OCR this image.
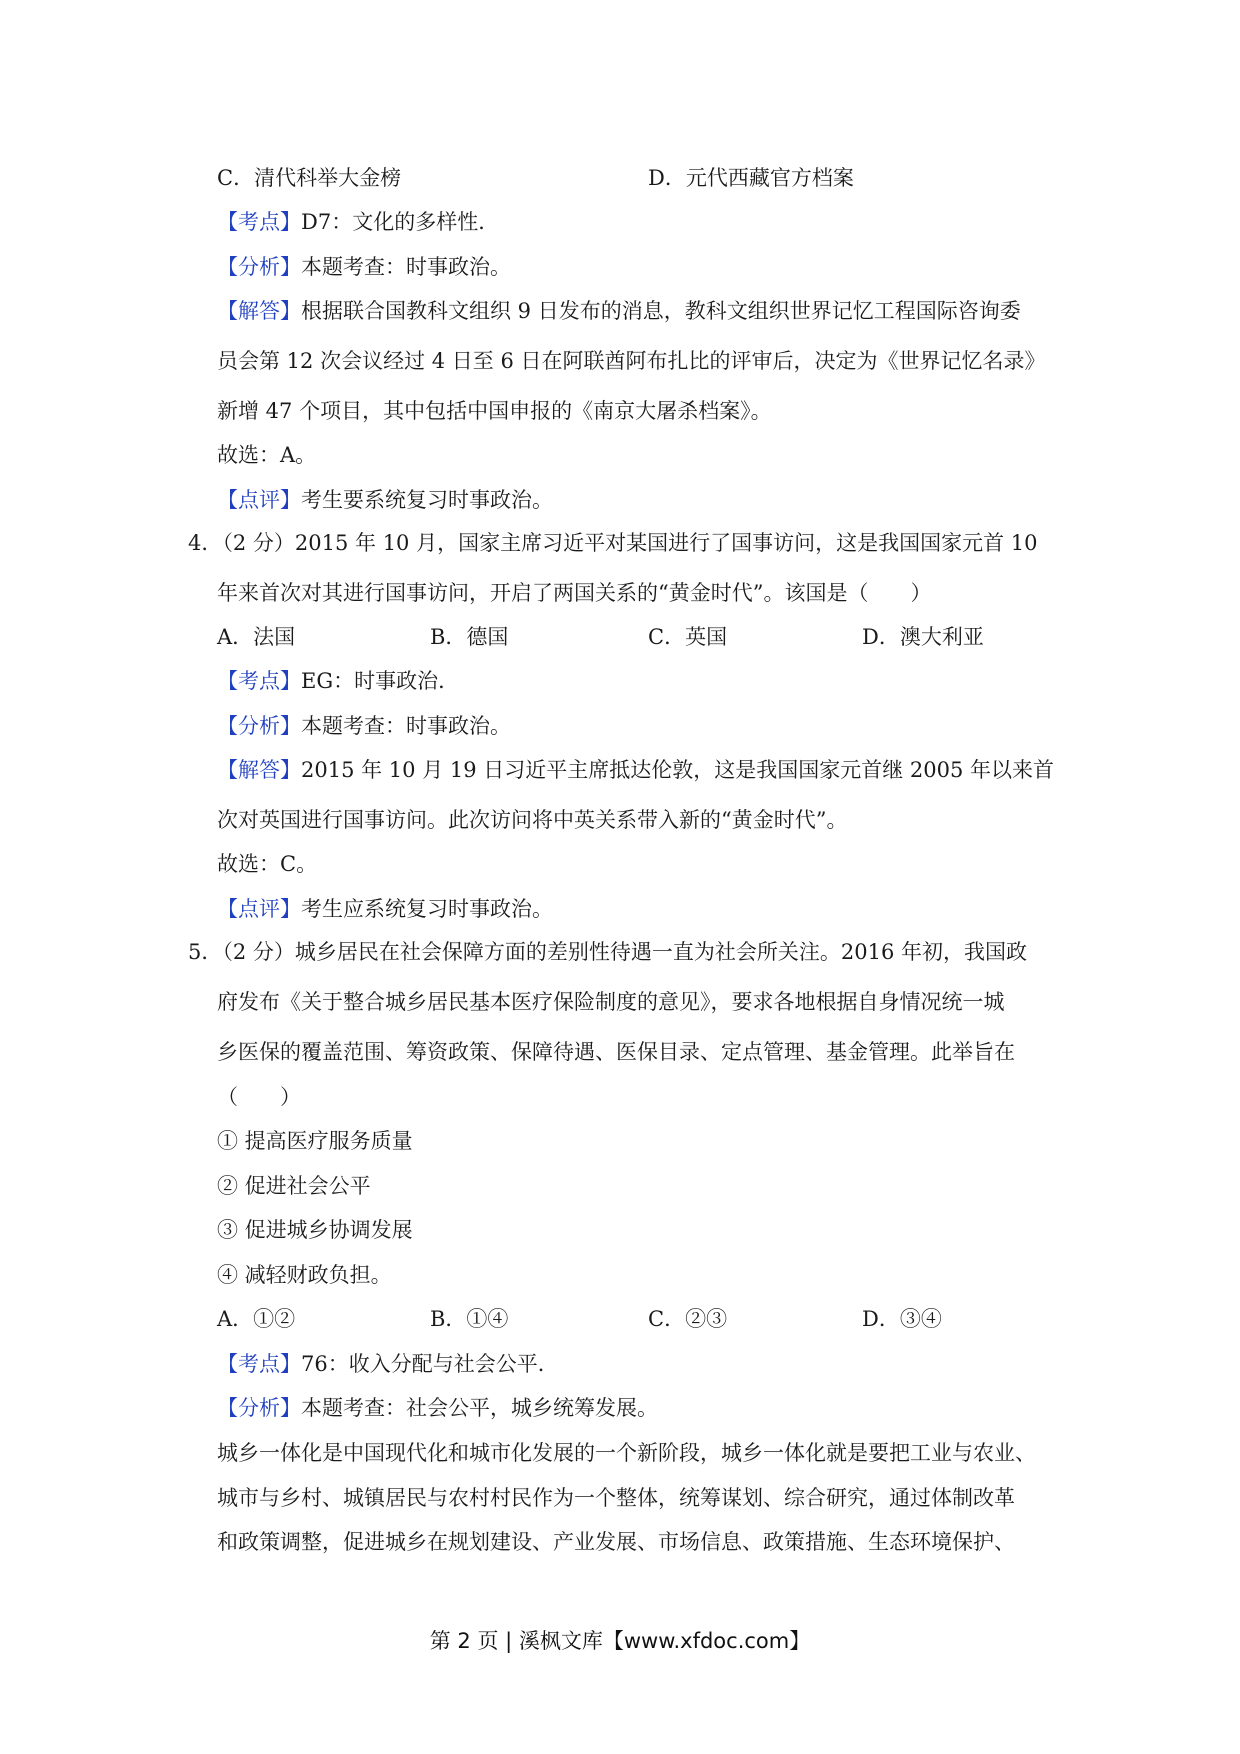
C．清代科举大金榜	D．元代西藏官方档案
【考点】D7：文化的多样性．
【分析】本题考查：时事政治。
【解答】根据联合国教科文组织 9 日发布的消息，教科文组织世界记忆工程国际咨询委
员会第 12 次会议经过 4 日至 6 日在阿联酋阿布扎比的评审后，决定为《世界记忆名录》
新增 47 个项目，其中包括中国申报的《南京大屠杀档案》。
故选：A。
【点评】考生要系统复习时事政治。
4．（2 分）2015 年 10 月，国家主席习近平对某国进行了国事访问，这是我国国家元首 10
年来首次对其进行国事访问，开启了两国关系的“黄金时代”。该国是（　　）
A．法国	B．德国	C．英国	D．澳大利亚
【考点】EG：时事政治．
【分析】本题考查：时事政治。
【解答】2015 年 10 月 19 日习近平主席抵达伦敦，这是我国国家元首继 2005 年以来首
次对英国进行国事访问。此次访问将中英关系带入新的“黄金时代”。
故选：C。
【点评】考生应系统复习时事政治。
5．（2 分）城乡居民在社会保障方面的差别性待遇一直为社会所关注。2016 年初，我国政
府发布《关于整合城乡居民基本医疗保险制度的意见》，要求各地根据自身情况统一城
乡医保的覆盖范围、筹资政策、保障待遇、医保目录、定点管理、基金管理。此举旨在
（　　）
① 提高医疗服务质量
② 促进社会公平
③ 促进城乡协调发展
④ 减轻财政负担。
A．①②	B．①④	C．②③	D．③④
【考点】76：收入分配与社会公平．
【分析】本题考查：社会公平，城乡统筹发展。
城乡一体化是中国现代化和城市化发展的一个新阶段，城乡一体化就是要把工业与农业、
城市与乡村、城镇居民与农村村民作为一个整体，统筹谋划、综合研究，通过体制改革
和政策调整，促进城乡在规划建设、产业发展、市场信息、政策措施、生态环境保护、
第 2 页 | 溪枫文库【www.xfdoc.com】
